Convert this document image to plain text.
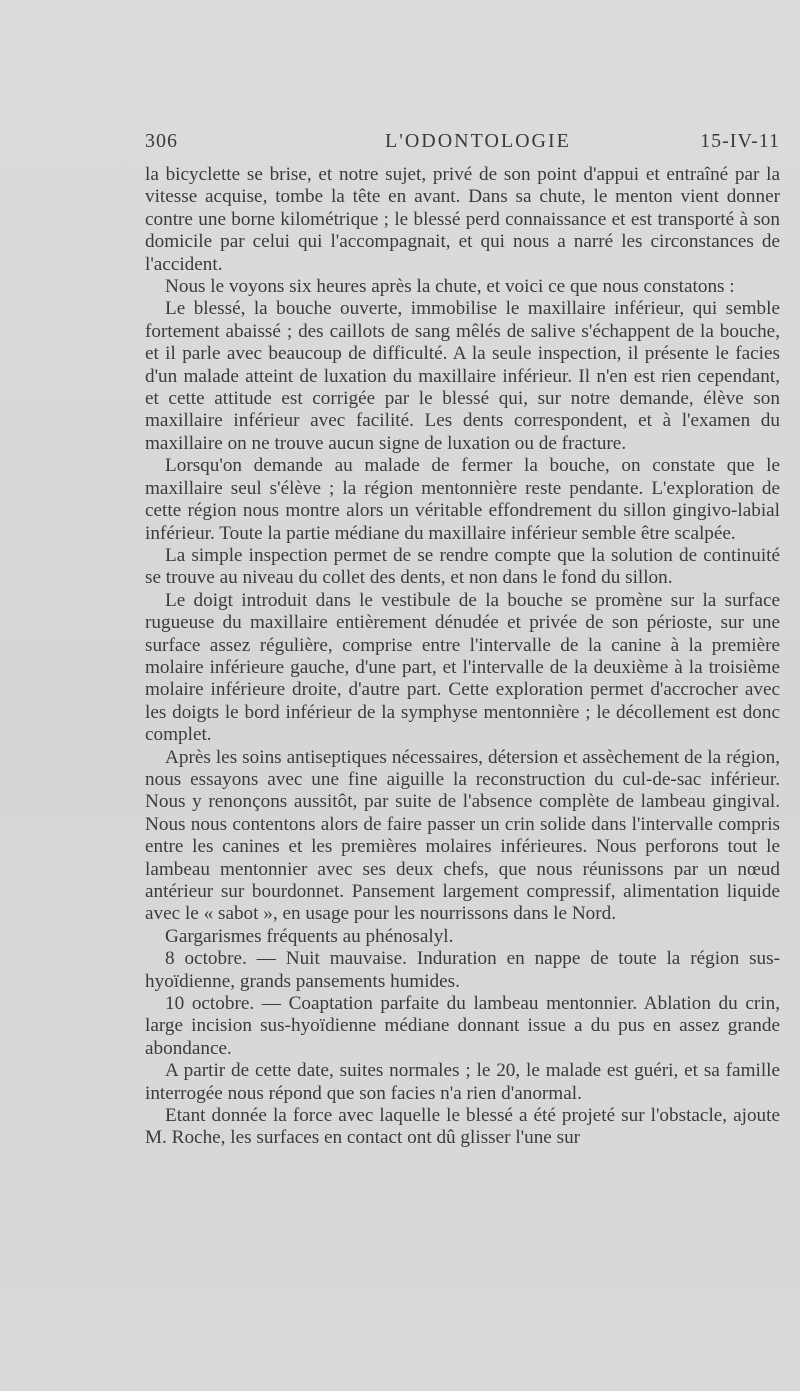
306	L'ODONTOLOGIE	15-IV-11

la bicyclette se brise, et notre sujet, privé de son point d'appui et entraîné par la vitesse acquise, tombe la tête en avant. Dans sa chute, le menton vient donner contre une borne kilométrique ; le blessé perd connaissance et est transporté à son domicile par celui qui l'accompagnait, et qui nous a narré les circonstances de l'accident.

Nous le voyons six heures après la chute, et voici ce que nous constatons :

Le blessé, la bouche ouverte, immobilise le maxillaire inférieur, qui semble fortement abaissé ; des caillots de sang mêlés de salive s'échappent de la bouche, et il parle avec beaucoup de difficulté. A la seule inspection, il présente le facies d'un malade atteint de luxation du maxillaire inférieur. Il n'en est rien cependant, et cette attitude est corrigée par le blessé qui, sur notre demande, élève son maxillaire inférieur avec facilité. Les dents correspondent, et à l'examen du maxillaire on ne trouve aucun signe de luxation ou de fracture.

Lorsqu'on demande au malade de fermer la bouche, on constate que le maxillaire seul s'élève ; la région mentonnière reste pendante. L'exploration de cette région nous montre alors un véritable effondrement du sillon gingivo-labial inférieur. Toute la partie médiane du maxillaire inférieur semble être scalpée.

La simple inspection permet de se rendre compte que la solution de continuité se trouve au niveau du collet des dents, et non dans le fond du sillon.

Le doigt introduit dans le vestibule de la bouche se promène sur la surface rugueuse du maxillaire entièrement dénudée et privée de son périoste, sur une surface assez régulière, comprise entre l'intervalle de la canine à la première molaire inférieure gauche, d'une part, et l'intervalle de la deuxième à la troisième molaire inférieure droite, d'autre part. Cette exploration permet d'accrocher avec les doigts le bord inférieur de la symphyse mentonnière ; le décollement est donc complet.

Après les soins antiseptiques nécessaires, détersion et assèchement de la région, nous essayons avec une fine aiguille la reconstruction du cul-de-sac inférieur. Nous y renonçons aussitôt, par suite de l'absence complète de lambeau gingival. Nous nous contentons alors de faire passer un crin solide dans l'intervalle compris entre les canines et les premières molaires inférieures. Nous perforons tout le lambeau mentonnier avec ses deux chefs, que nous réunissons par un nœud antérieur sur bourdonnet. Pansement largement compressif, alimentation liquide avec le « sabot », en usage pour les nourrissons dans le Nord.

Gargarismes fréquents au phénosalyl.

8 octobre. — Nuit mauvaise. Induration en nappe de toute la région sus-hyoïdienne, grands pansements humides.

10 octobre. — Coaptation parfaite du lambeau mentonnier. Ablation du crin, large incision sus-hyoïdienne médiane donnant issue a du pus en assez grande abondance.

A partir de cette date, suites normales ; le 20, le malade est guéri, et sa famille interrogée nous répond que son facies n'a rien d'anormal.

Etant donnée la force avec laquelle le blessé a été projeté sur l'obstacle, ajoute M. Roche, les surfaces en contact ont dû glisser l'une sur
